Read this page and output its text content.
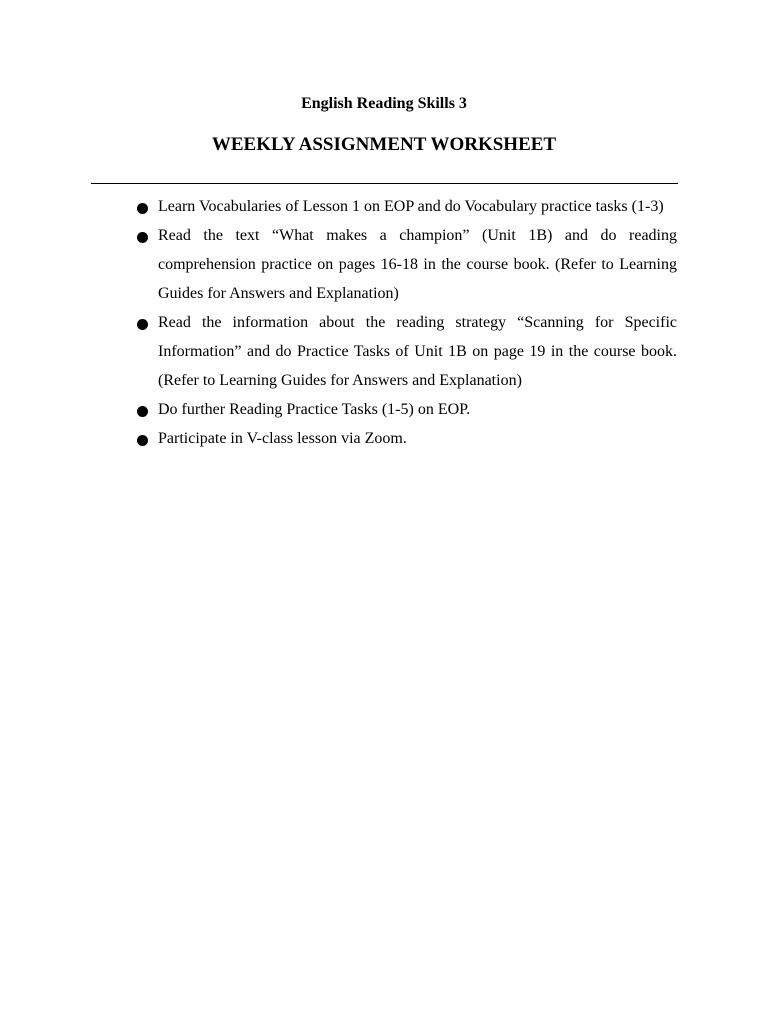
English Reading Skills 3
WEEKLY ASSIGNMENT WORKSHEET
Learn Vocabularies of Lesson 1 on EOP and do Vocabulary practice tasks (1-3)
Read the text “What makes a champion” (Unit 1B) and do reading comprehension practice on pages 16-18 in the course book. (Refer to Learning Guides for Answers and Explanation)
Read the information about the reading strategy “Scanning for Specific Information” and do Practice Tasks of Unit 1B on page 19 in the course book. (Refer to Learning Guides for Answers and Explanation)
Do further Reading Practice Tasks (1-5) on EOP.
Participate in V-class lesson via Zoom.
